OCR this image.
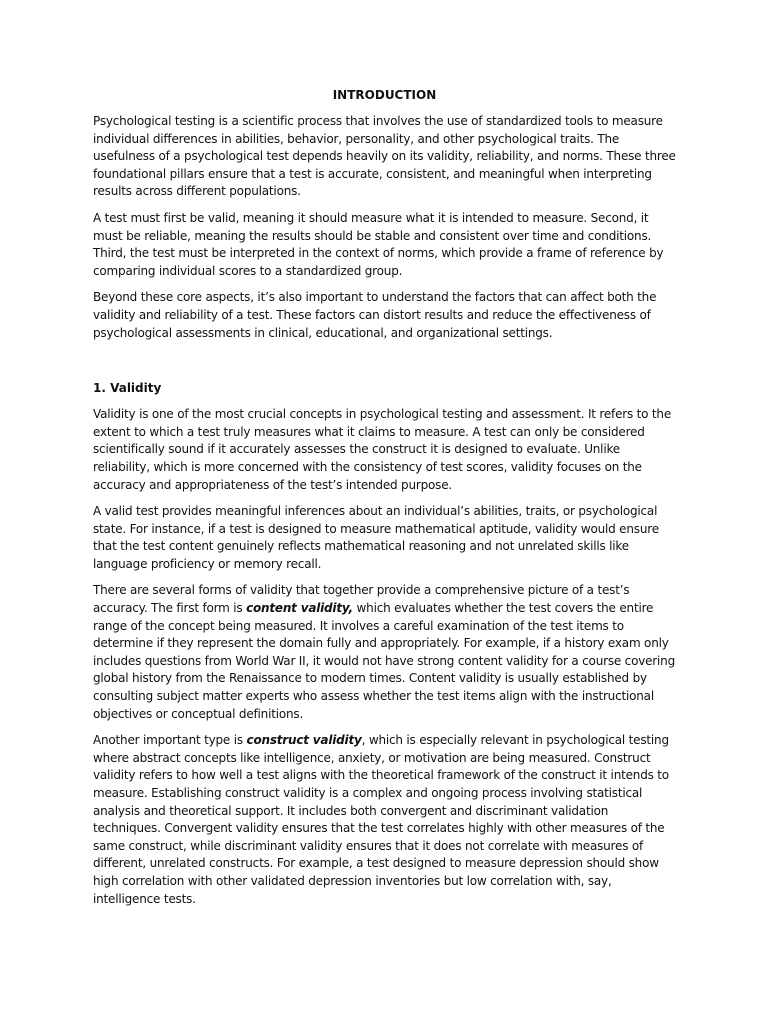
INTRODUCTION

Psychological testing is a scientific process that involves the use of standardized tools to measure individual differences in abilities, behavior, personality, and other psychological traits. The usefulness of a psychological test depends heavily on its validity, reliability, and norms. These three foundational pillars ensure that a test is accurate, consistent, and meaningful when interpreting results across different populations.

A test must first be valid, meaning it should measure what it is intended to measure. Second, it must be reliable, meaning the results should be stable and consistent over time and conditions. Third, the test must be interpreted in the context of norms, which provide a frame of reference by comparing individual scores to a standardized group.

Beyond these core aspects, it’s also important to understand the factors that can affect both the validity and reliability of a test. These factors can distort results and reduce the effectiveness of psychological assessments in clinical, educational, and organizational settings.

1. Validity

Validity is one of the most crucial concepts in psychological testing and assessment. It refers to the extent to which a test truly measures what it claims to measure. A test can only be considered scientifically sound if it accurately assesses the construct it is designed to evaluate. Unlike reliability, which is more concerned with the consistency of test scores, validity focuses on the accuracy and appropriateness of the test’s intended purpose.

A valid test provides meaningful inferences about an individual’s abilities, traits, or psychological state. For instance, if a test is designed to measure mathematical aptitude, validity would ensure that the test content genuinely reflects mathematical reasoning and not unrelated skills like language proficiency or memory recall.

There are several forms of validity that together provide a comprehensive picture of a test’s accuracy. The first form is content validity, which evaluates whether the test covers the entire range of the concept being measured. It involves a careful examination of the test items to determine if they represent the domain fully and appropriately. For example, if a history exam only includes questions from World War II, it would not have strong content validity for a course covering global history from the Renaissance to modern times. Content validity is usually established by consulting subject matter experts who assess whether the test items align with the instructional objectives or conceptual definitions.

Another important type is construct validity, which is especially relevant in psychological testing where abstract concepts like intelligence, anxiety, or motivation are being measured. Construct validity refers to how well a test aligns with the theoretical framework of the construct it intends to measure. Establishing construct validity is a complex and ongoing process involving statistical analysis and theoretical support. It includes both convergent and discriminant validation techniques. Convergent validity ensures that the test correlates highly with other measures of the same construct, while discriminant validity ensures that it does not correlate with measures of different, unrelated constructs. For example, a test designed to measure depression should show high correlation with other validated depression inventories but low correlation with, say, intelligence tests.
